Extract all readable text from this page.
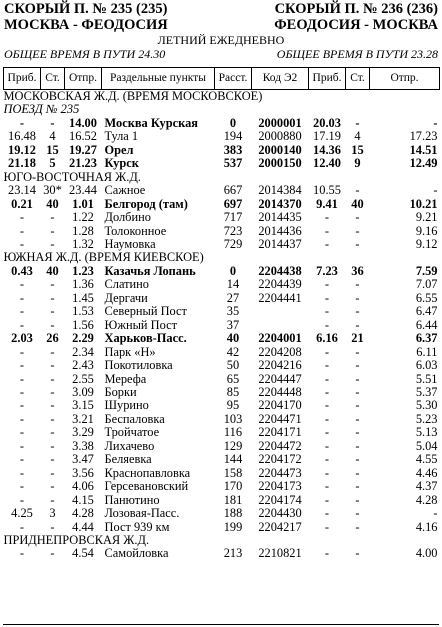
СКОРЫЙ П. № 235 (235)	СКОРЫЙ П. № 236 (236)
МОСКВА - ФЕОДОСИЯ	ФЕОДОСИЯ - МОСКВА
ЛЕТНИЙ ЕЖЕДНЕВНО
ОБЩЕЕ ВРЕМЯ В ПУТИ 24.30	ОБЩЕЕ ВРЕМЯ В ПУТИ 23.28
Приб.	Ст.	Отпр.	Раздельные пункты	Расст.	Код Э2	Приб.	Ст.	Отпр.
МОСКОВСКАЯ Ж.Д. (ВРЕМЯ МОСКОВСКОЕ)								
ПОЕЗД № 235								
-	-	14.00	Москва Курская	0	2000001	20.03	-	-
16.48	4	16.52	Тула 1	194	2000880	17.19	4	17.23
19.12	15	19.27	Орел	383	2000140	14.36	15	14.51
21.18	5	21.23	Курск	537	2000150	12.40	9	12.49
ЮГО-ВОСТОЧНАЯ Ж.Д.								
23.14	30*	23.44	Сажное	667	2014384	10.55	-	-
0.21	40	1.01	Белгород (там)	697	2014370	9.41	40	10.21
-	-	1.22	Долбино	717	2014435	-	-	9.21
-	-	1.28	Толоконное	723	2014436	-	-	9.16
-	-	1.32	Наумовка	729	2014437	-	-	9.12
ЮЖНАЯ Ж.Д. (ВРЕМЯ КИЕВСКОЕ)								
0.43	40	1.23	Казачья Лопань	0	2204438	7.23	36	7.59
-	-	1.36	Слатино	14	2204439	-	-	7.07
-	-	1.45	Дергачи	27	2204441	-	-	6.55
-	-	1.53	Северный Пост	35		-	-	6.47
-	-	1.56	Южный Пост	37		-	-	6.44
2.03	26	2.29	Харьков-Пасс.	40	2204001	6.16	21	6.37
-	-	2.34	Парк «Н»	42	2204208	-	-	6.11
-	-	2.43	Покотиловка	50	2204216	-	-	6.03
-	-	2.55	Мерефа	65	2204447	-	-	5.51
-	-	3.09	Борки	85	2204448	-	-	5.37
-	-	3.15	Шурино	95	2204170	-	-	5.30
-	-	3.21	Беспаловка	103	2204471	-	-	5.23
-	-	3.29	Тройчатое	116	2204171	-	-	5.13
-	-	3.38	Лихачево	129	2204472	-	-	5.04
-	-	3.47	Беляевка	144	2204172	-	-	4.55
-	-	3.56	Краснопавловка	158	2204473	-	-	4.46
-	-	4.06	Герсевановский	170	2204173	-	-	4.37
-	-	4.15	Панютино	181	2204174	-	-	4.28
4.25	3	4.28	Лозовая-Пасс.	188	2204430	-	-	-
-	-	4.44	Пост 939 км	199	2204217	-	-	4.16
ПРИДНЕПРОВСКАЯ Ж.Д.								
-	-	4.54	Самойловка	213	2210821	-	-	4.00
